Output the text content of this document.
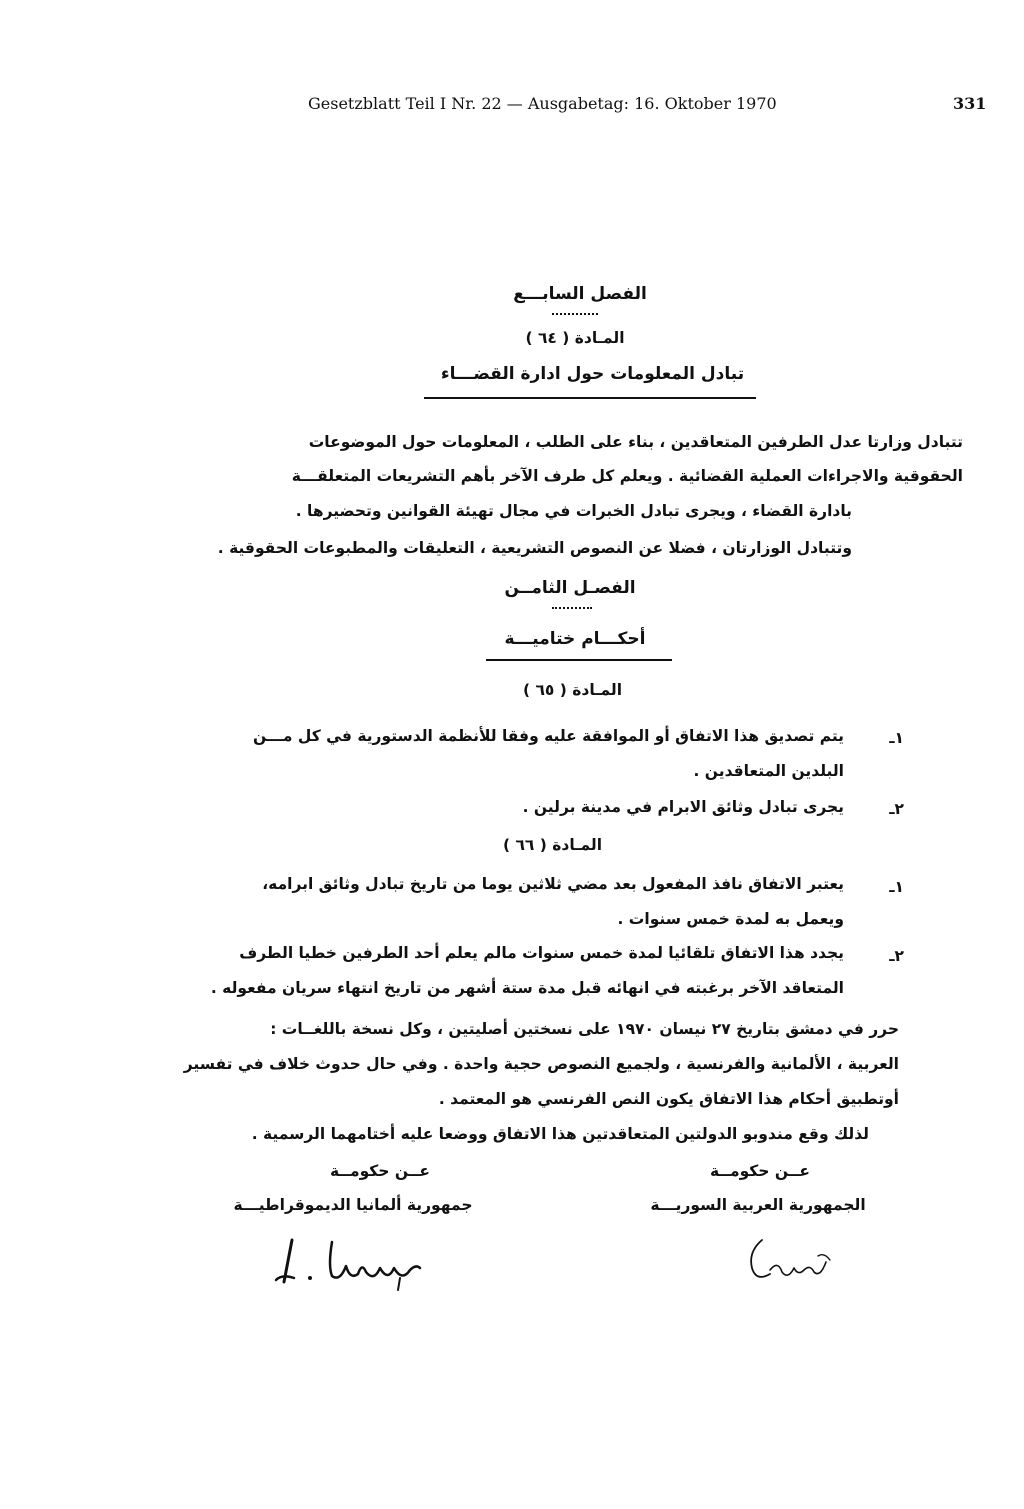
Gesetzblatt Teil I Nr. 22 — Ausgabetag: 16. Oktober 1970	331
الفصل السابـــع
المـادة ( ٦٤ )
تبادل المعلومات حول ادارة القضـــاء
تتبادل وزارتا عدل الطرفين المتعاقدين ، بناء على الطلب ، المعلومات حول الموضوعات
الحقوقية والاجراءات العملية القضائية . ويعلم كل طرف الآخر بأهم التشريعات المتعلقـــة
بادارة القضاء ، ويجرى تبادل الخبرات في مجال تهيئة القوانين وتحضيرها .
وتتبادل الوزارتان ، فضلا عن النصوص التشريعية ، التعليقات والمطبوعات الحقوقية .
الفصـل الثامــن
أحكـــام ختاميـــة
المـادة ( ٦٥ )
١ـ
يتم تصديق هذا الاتفاق أو الموافقة عليه وفقا للأنظمة الدستورية في كل مـــن
البلدين المتعاقدين .
٢ـ
يجرى تبادل وثائق الابرام في مدينة برلين .
المـادة ( ٦٦ )
١ـ
يعتبر الاتفاق نافذ المفعول بعد مضي ثلاثين يوما من تاريخ تبادل وثائق ابرامه،
ويعمل به لمدة خمس سنوات .
٢ـ
يجدد هذا الاتفاق تلقائيا لمدة خمس سنوات مالم يعلم أحد الطرفين خطيا الطرف
المتعاقد الآخر برغبته في انهائه قبل مدة ستة أشهر من تاريخ انتهاء سريان مفعوله .
حرر في دمشق بتاريخ ٢٧ نيسان ١٩٧٠ على نسختين أصليتين ، وكل نسخة باللغــات :
العربية ، الألمانية والفرنسية ، ولجميع النصوص حجية واحدة . وفي حال حدوث خلاف في تفسير
أوتطبيق أحكام هذا الاتفاق يكون النص الفرنسي هو المعتمد .
لذلك وقع مندوبو الدولتين المتعاقدتين هذا الاتفاق ووضعا عليه أختامهما الرسمية .
عــن حكومــة
جمهورية ألمانيا الديموقراطيـــة
عــن حكومــة
الجمهورية العربية السوريـــة
